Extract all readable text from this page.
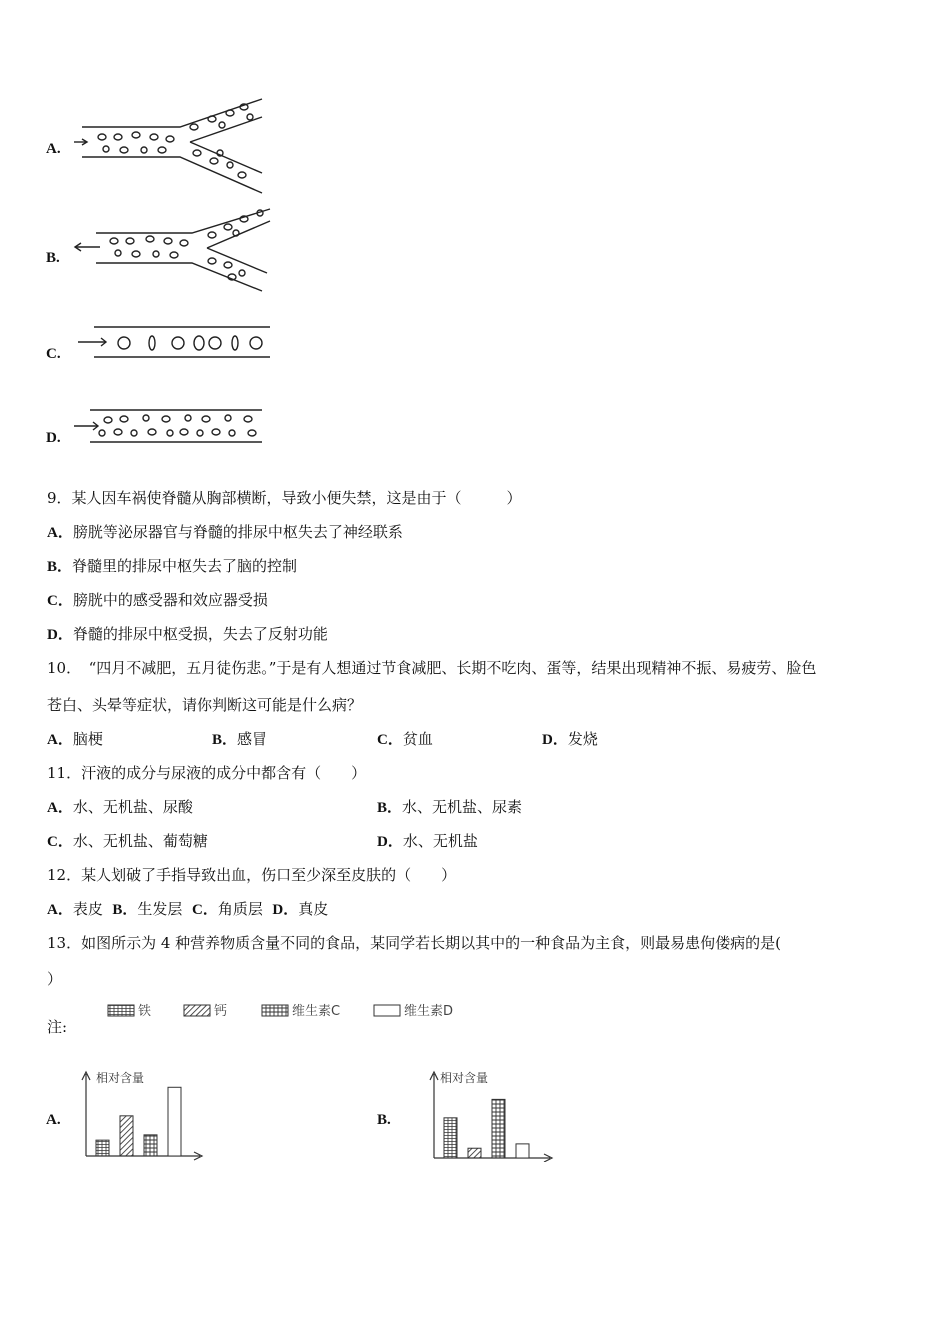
A.
B.
C.
D.
9．某人因车祸使脊髓从胸部横断，导致小便失禁，这是由于（　　　）
A．膀胱等泌尿器官与脊髓的排尿中枢失去了神经联系
B．脊髓里的排尿中枢失去了脑的控制
C．膀胱中的感受器和效应器受损
D．脊髓的排尿中枢受损，失去了反射功能
10．　“四月不减肥，五月徒伤悲。”于是有人想通过节食减肥、长期不吃肉、蛋等，结果出现精神不振、易疲劳、脸色
苍白、头晕等症状，请你判断这可能是什么病？
A．脑梗	B．感冒	C．贫血	D．发烧
11．汗液的成分与尿液的成分中都含有（　　）
A．水、无机盐、尿酸	B．水、无机盐、尿素
C．水、无机盐、葡萄糖	D．水、无机盐
12．某人划破了手指导致出血，伤口至少深至皮肤的（　　）
A．表皮 B．生发层 C．角质层 D．真皮
13．如图所示为 4 种营养物质含量不同的食品，某同学若长期以其中的一种食品为主食，则最易患佝偻病的是(
）
注:
铁	钙	维生素C	维生素D
A.	B.
相对含量	相对含量
